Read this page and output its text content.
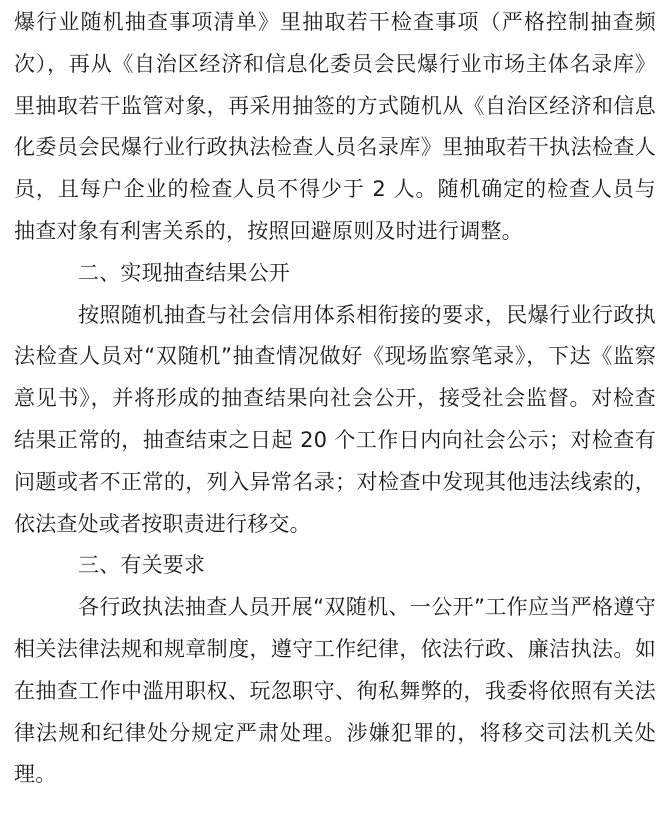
爆行业随机抽查事项清单》里抽取若干检查事项（严格控制抽查频次），再从《自治区经济和信息化委员会民爆行业市场主体名录库》里抽取若干监管对象，再采用抽签的方式随机从《自治区经济和信息化委员会民爆行业行政执法检查人员名录库》里抽取若干执法检查人员，且每户企业的检查人员不得少于 2 人。随机确定的检查人员与抽查对象有利害关系的，按照回避原则及时进行调整。

二、实现抽查结果公开

按照随机抽查与社会信用体系相衔接的要求，民爆行业行政执法检查人员对“双随机”抽查情况做好《现场监察笔录》，下达《监察意见书》，并将形成的抽查结果向社会公开，接受社会监督。对检查结果正常的，抽查结束之日起 20 个工作日内向社会公示；对检查有问题或者不正常的，列入异常名录；对检查中发现其他违法线索的，依法查处或者按职责进行移交。

三、有关要求

各行政执法抽查人员开展“双随机、一公开”工作应当严格遵守相关法律法规和规章制度，遵守工作纪律，依法行政、廉洁执法。如在抽查工作中滥用职权、玩忽职守、徇私舞弊的，我委将依照有关法律法规和纪律处分规定严肃处理。涉嫌犯罪的，将移交司法机关处理。
